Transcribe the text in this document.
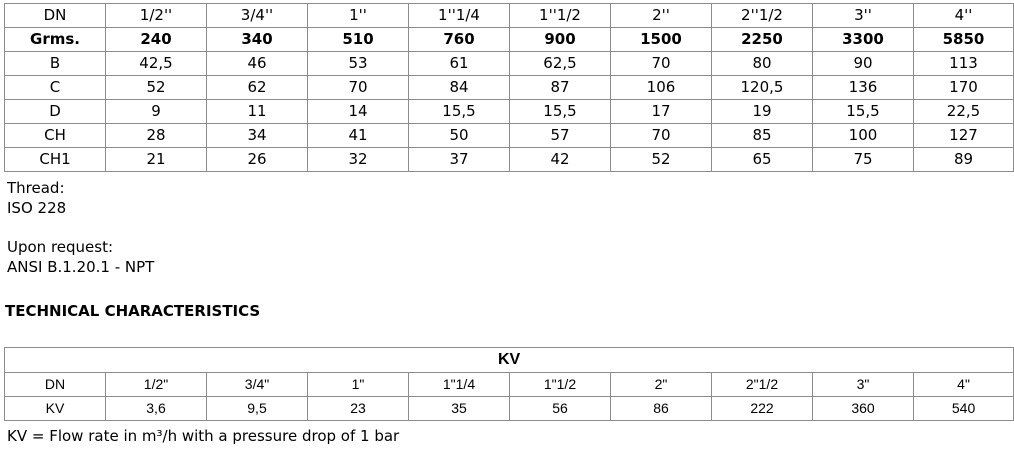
DN	1/2''	3/4''	1''	1''1/4	1''1/2	2''	2''1/2	3''	4''
Grms.	240	340	510	760	900	1500	2250	3300	5850
B	42,5	46	53	61	62,5	70	80	90	113
C	52	62	70	84	87	106	120,5	136	170
D	9	11	14	15,5	15,5	17	19	15,5	22,5
CH	28	34	41	50	57	70	85	100	127
CH1	21	26	32	37	42	52	65	75	89
Thread:
ISO 228
Upon request:
ANSI B.1.20.1 - NPT
TECHNICAL CHARACTERISTICS
KV									
DN	1/2"	3/4"	1"	1"1/4	1"1/2	2"	2"1/2	3"	4"
KV	3,6	9,5	23	35	56	86	222	360	540
KV = Flow rate in m³/h with a pressure drop of 1 bar
